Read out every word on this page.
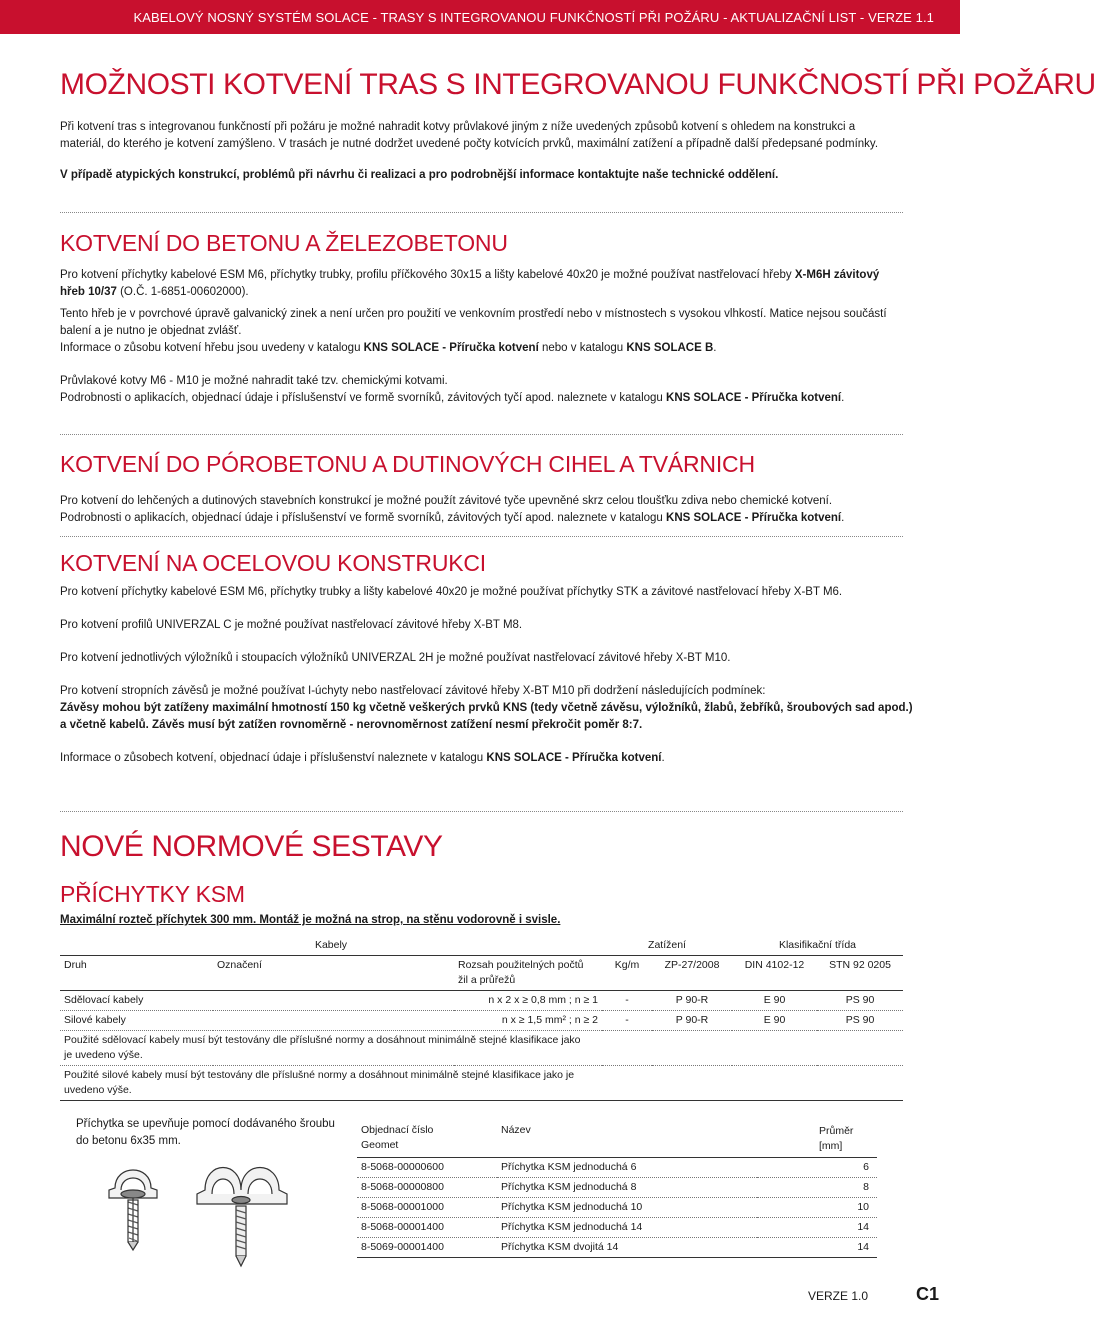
KABELOVÝ NOSNÝ SYSTÉM SOLACE - TRASY S INTEGROVANOU FUNKČNOSTÍ PŘI POŽÁRU - AKTUALIZAČNÍ LIST - VERZE 1.1
MOŽNOSTI KOTVENÍ TRAS S INTEGROVANOU FUNKČNOSTÍ PŘI POŽÁRU

Při kotvení tras s integrovanou funkčností při požáru je možné nahradit kotvy průvlakové jiným z níže uvedených způsobů kotvení s ohledem na konstrukci a

materiál, do kterého je kotvení zamýšleno. V trasách je nutné dodržet uvedené počty kotvících prvků, maximální zatížení a případně další předepsané podmínky.

V případě atypických konstrukcí, problémů při návrhu či realizaci a pro podrobnější informace kontaktujte naše technické oddělení.

KOTVENÍ DO BETONU A ŽELEZOBETONU

Pro kotvení příchytky kabelové ESM M6, příchytky trubky, profilu příčkového 30x15 a lišty kabelové 40x20 je možné používat nastřelovací hřeby X-M6H závitový

hřeb 10/37 (O.Č. 1-6851-00602000).

Tento hřeb je v povrchové úpravě galvanický zinek a není určen pro použití ve venkovním prostředí nebo v místnostech s vysokou vlhkostí. Matice nejsou součástí

balení a je nutno je objednat zvlášť.

Informace o zůsobu kotvení hřebu jsou uvedeny v katalogu KNS SOLACE - Příručka kotvení nebo v katalogu KNS SOLACE B.

Průvlakové kotvy M6 - M10 je možné nahradit také tzv. chemickými kotvami.

Podrobnosti o aplikacích, objednací údaje i příslušenství ve formě svorníků, závitových tyčí apod. naleznete v katalogu KNS SOLACE - Příručka kotvení.

KOTVENÍ DO PÓROBETONU A DUTINOVÝCH CIHEL A TVÁRNICH

Pro kotvení do lehčených a dutinových stavebních konstrukcí je možné použít závitové tyče upevněné skrz celou tloušťku zdiva nebo chemické kotvení.

Podrobnosti o aplikacích, objednací údaje i příslušenství ve formě svorníků, závitových tyčí apod. naleznete v katalogu KNS SOLACE - Příručka kotvení.

KOTVENÍ NA OCELOVOU KONSTRUKCI

Pro kotvení příchytky kabelové ESM M6, příchytky trubky a lišty kabelové 40x20 je možné používat příchytky STK a závitové nastřelovací hřeby X-BT M6.

Pro kotvení profilů UNIVERZAL C je možné používat nastřelovací závitové hřeby X-BT M8.

Pro kotvení jednotlivých výložníků i stoupacích výložníků UNIVERZAL 2H je možné používat nastřelovací závitové hřeby X-BT M10.

Pro kotvení stropních závěsů je možné používat I-úchyty nebo nastřelovací závitové hřeby X-BT M10 při dodržení následujících podmínek:

Závěsy mohou být zatíženy maximální hmotností 150 kg včetně veškerých prvků KNS (tedy včetně závěsu, výložníků, žlabů, žebříků, šroubových sad apod.)

a včetně kabelů. Závěs musí být zatížen rovnoměrně - nerovnoměrnost zatížení nesmí překročit poměr 8:7.

Informace o zůsobech kotvení, objednací údaje i příslušenství naleznete v katalogu KNS SOLACE - Příručka kotvení.

NOVÉ NORMOVÉ SESTAVY
PŘÍCHYTKY KSM

Maximální rozteč příchytek 300 mm. Montáž je možná na strop, na stěnu vodorovně i svisle.

Kabely			Zatížení		Klasifikační třída	
Druh	Označení	Rozsah použitelných počtů
žil a průřežů	Kg/m	ZP-27/2008	DIN 4102-12	STN 92 0205
Sdělovací kabely		n x 2 x ≥ 0,8 mm ; n ≥ 1	-	P 90-R	E 90	PS 90
Silové kabely		n x ≥ 1,5 mm² ; n ≥ 2	-	P 90-R	E 90	PS 90
Použité sdělovací kabely musí být testovány dle příslušné normy a dosáhnout minimálně stejné klasifikace jako
je uvedeno výše.						
Použité silové kabely musí být testovány dle příslušné normy a dosáhnout minimálně stejné klasifikace jako je
uvedeno výše.						
Příchytka se upevňuje pomocí dodávaného šroubu
do betonu 6x35 mm.
Objednací číslo
Geomet	Název	Průměr
[mm]
8-5068-00000600	Příchytka KSM jednoduchá 6	6
8-5068-00000800	Příchytka KSM jednoduchá 8	8
8-5068-00001000	Příchytka KSM jednoduchá 10	10
8-5068-00001400	Příchytka KSM jednoduchá 14	14
8-5069-00001400	Příchytka KSM dvojitá 14	14
VERZE 1.0	C1
